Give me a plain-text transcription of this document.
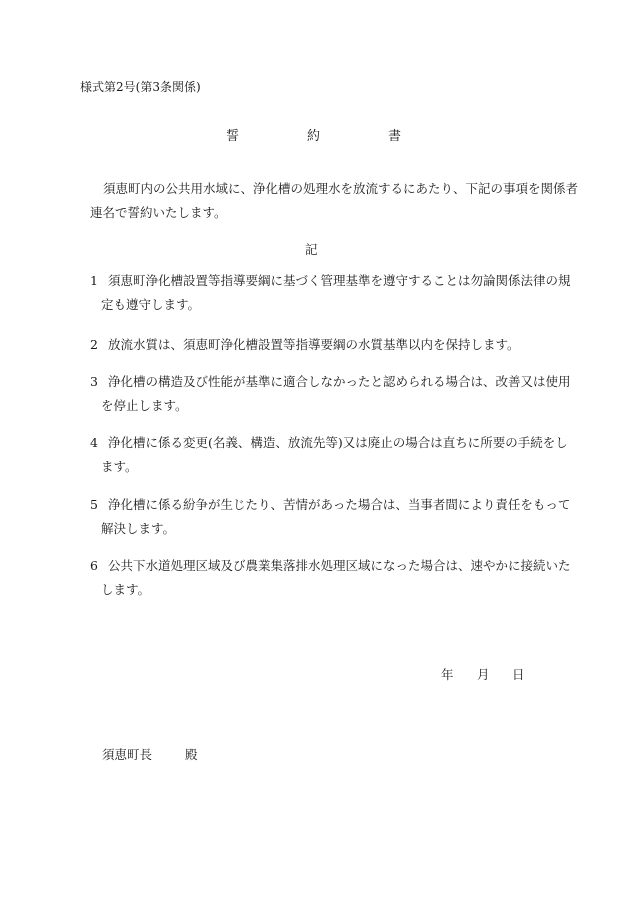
様式第2号(第3条関係)
誓	約	書
須恵町内の公共用水域に、浄化槽の処理水を放流するにあたり、下記の事項を関係者
連名で誓約いたします。
記
1 須恵町浄化槽設置等指導要綱に基づく管理基準を遵守することは勿論関係法律の規
定も遵守します。
2 放流水質は、須恵町浄化槽設置等指導要綱の水質基準以内を保持します。
3 浄化槽の構造及び性能が基準に適合しなかったと認められる場合は、改善又は使用
を停止します。
4 浄化槽に係る変更(名義、構造、放流先等)又は廃止の場合は直ちに所要の手続をし
ます。
5 浄化槽に係る紛争が生じたり、苦情があった場合は、当事者間により責任をもって
解決します。
6 公共下水道処理区域及び農業集落排水処理区域になった場合は、速やかに接続いた
します。
年 月 日
須恵町長	殿
